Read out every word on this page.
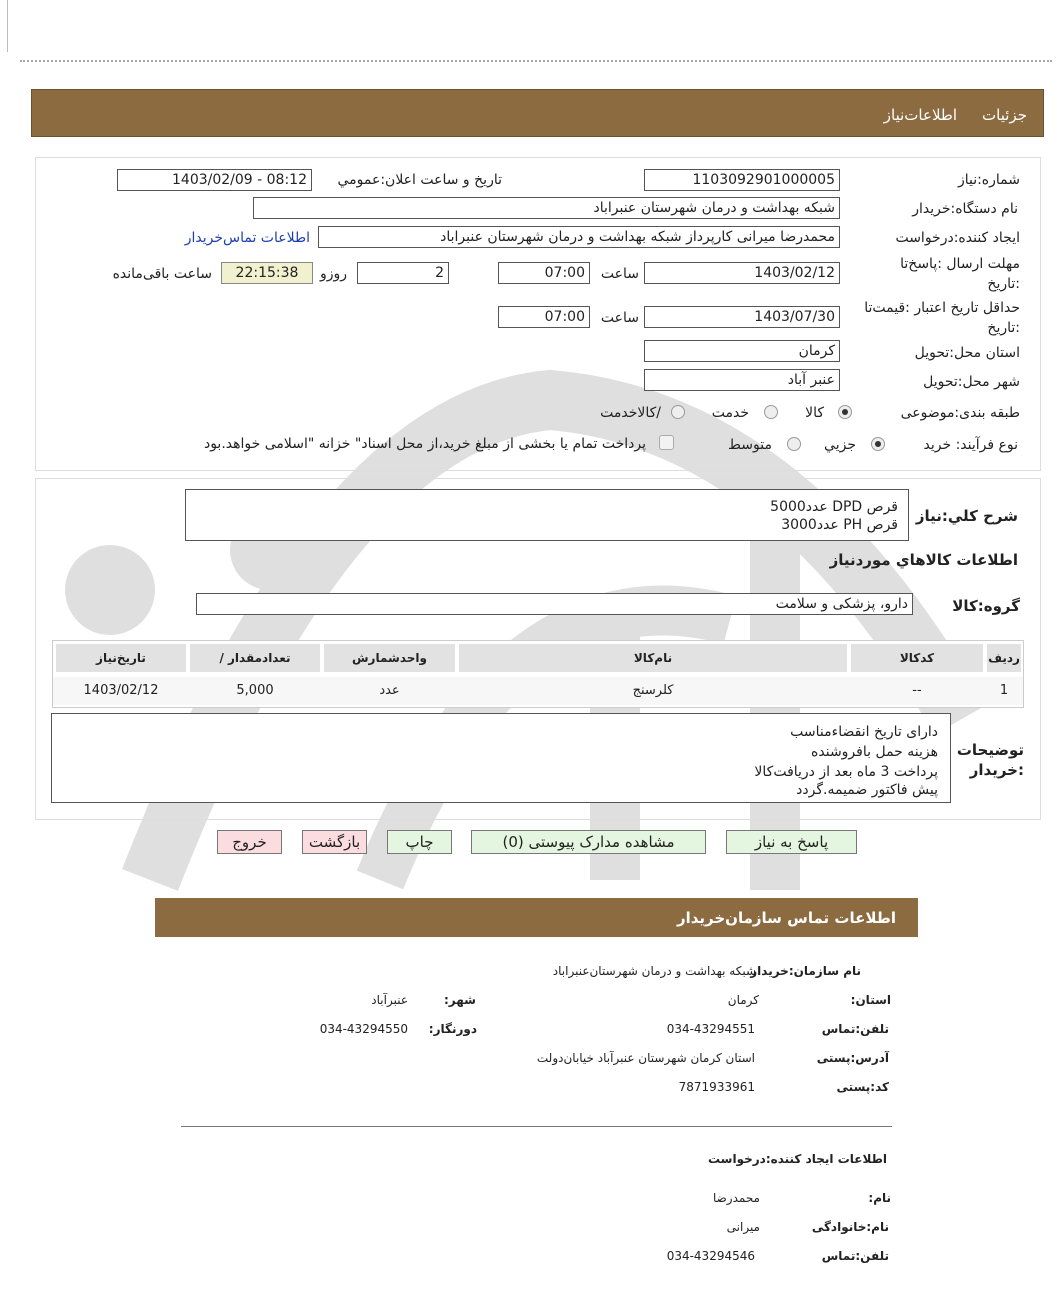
اطلاعات‌نیاز جزئیات
شماره:نیاز
1103092901000005
تاریخ و ساعت اعلان:عمومي
1403/02/09 - 08:12
نام دستگاه:خریدار
شبکه بهداشت و درمان شهرستان عنبراباد
ایجاد کننده:درخواست
محمدرضا میرانی کارپرداز شبکه بهداشت و درمان شهرستان عنبراباد
اطلاعات تماس‌خریدار
مهلت ارسال :پاسخ‌تا
:تاریخ
1403/02/12
ساعت
07:00
2
روزو
22:15:38
ساعت باقی‌مانده
حداقل تاریخ اعتبار :قیمت‌تا
:تاریخ
1403/07/30
ساعت
07:00
استان محل:تحویل
کرمان
شهر محل:تحویل
عنبر آباد
طبقه بندی:موضوعی
کالا
خدمت
/کالاخدمت
نوع فرآیند: خرید
جزیي
متوسط
پرداخت تمام یا بخشی از مبلغ خرید،از محل اسناد" خزانه "اسلامی خواهد.بود
شرح کلي:نیاز
قرص DPD عدد5000
قرص PH عدد3000
اطلاعات کالاهاي موردنیاز
گروه:کالا
دارو، پزشکی و سلامت
ردیف
کدکالا
نام‌کالا
واحدشمارش
/ تعدادمقدار
تاریخ‌نیاز
1
--
کلرسنج
عدد
5,000
1403/02/12
توضیحات
:خریدار
دارای تاریخ انقضاءمناسب
هزینه حمل بافروشنده
پرداخت 3 ماه بعد از دریافت‌کالا
پیش فاکتور ضمیمه.گردد
پاسخ به نیاز
مشاهده مدارک پیوستی (0)
چاپ
بازگشت
خروج
اطلاعات تماس سازمان‌خریدار
نام سازمان:خریدار
شبکه بهداشت و درمان شهرستان‌عنبراباد
استان:
کرمان
شهر:
عنبرآباد
تلفن:تماس
034-43294551
دورنگار:
034-43294550
آدرس:پستی
استان کرمان شهرستان عنبرآباد خیابان‌دولت
کد:پستی
7871933961
اطلاعات ایجاد کننده:درخواست
نام:
محمدرضا
نام:خانوادگی
میرانی
تلفن:تماس
034-43294546
